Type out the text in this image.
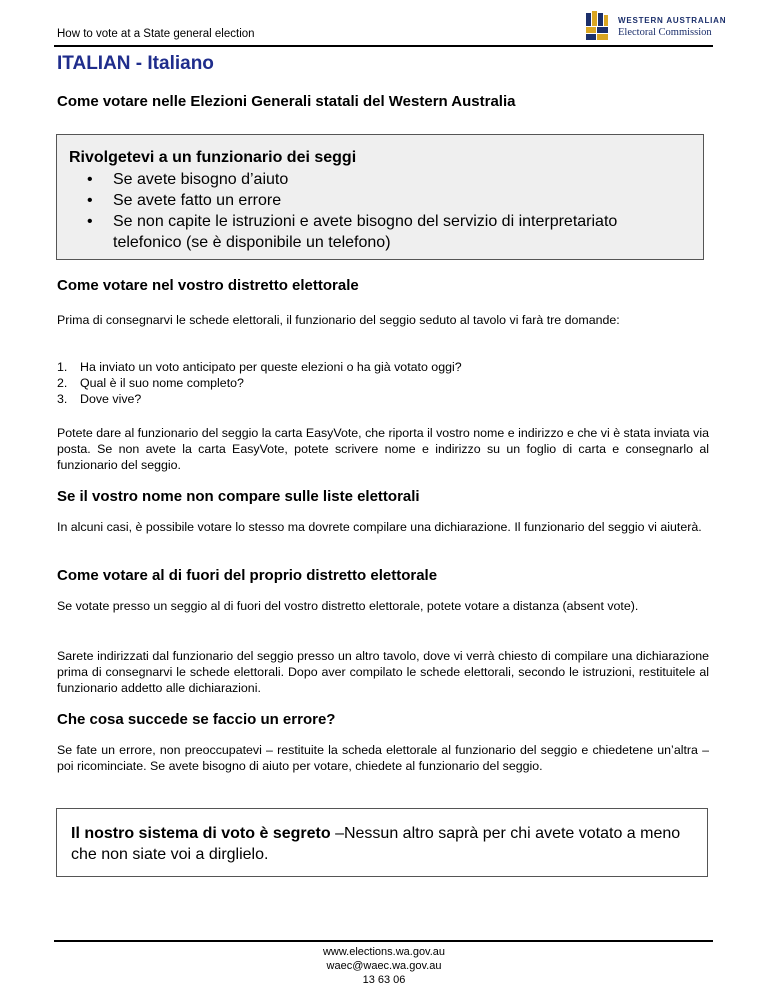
How to vote at a State general election
WESTERN AUSTRALIAN
Electoral Commission
ITALIAN - Italiano
Come votare nelle Elezioni Generali statali del Western Australia
Rivolgetevi a un funzionario dei seggi
• Se avete bisogno d’aiuto
• Se avete fatto un errore
• Se non capite le istruzioni e avete bisogno del servizio di interpretariato telefonico (se è disponibile un telefono)
Come votare nel vostro distretto elettorale

Prima di consegnarvi le schede elettorali, il funzionario del seggio seduto al tavolo vi farà tre domande:

1. Ha inviato un voto anticipato per queste elezioni o ha già votato oggi?
2. Qual è il suo nome completo?
3. Dove vive?

Potete dare al funzionario del seggio la carta EasyVote, che riporta il vostro nome e indirizzo e che vi è stata inviata via posta. Se non avete la carta EasyVote, potete scrivere nome e indirizzo su un foglio di carta e consegnarlo al funzionario del seggio.

Se il vostro nome non compare sulle liste elettorali

In alcuni casi, è possibile votare lo stesso ma dovrete compilare una dichiarazione. Il funzionario del seggio vi aiuterà.

Come votare al di fuori del proprio distretto elettorale

Se votate presso un seggio al di fuori del vostro distretto elettorale, potete votare a distanza (absent vote).

Sarete indirizzati dal funzionario del seggio presso un altro tavolo, dove vi verrà chiesto di compilare una dichiarazione prima di consegnarvi le schede elettorali. Dopo aver compilato le schede elettorali, secondo le istruzioni, restituitele al funzionario addetto alle dichiarazioni.

Che cosa succede se faccio un errore?

Se fate un errore, non preoccupatevi – restituite la scheda elettorale al funzionario del seggio e chiedetene un’altra – poi ricominciate. Se avete bisogno di aiuto per votare, chiedete al funzionario del seggio.

Il nostro sistema di voto è segreto –Nessun altro saprà per chi avete votato a meno che non siate voi a dirglielo.
www.elections.wa.gov.au
waec@waec.wa.gov.au
13 63 06
